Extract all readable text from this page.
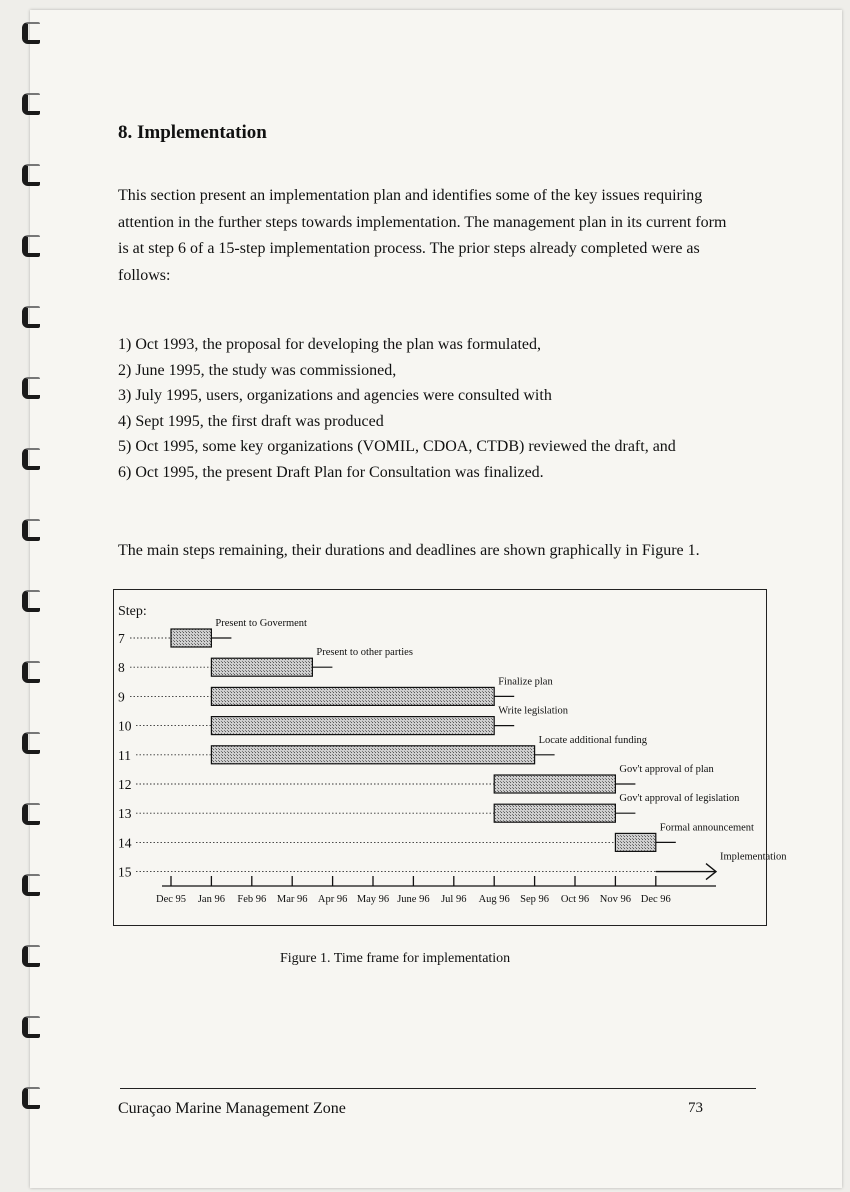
8. Implementation

This section present an implementation plan and identifies some of the key issues requiring attention in the further steps towards implementation. The management plan in its current form is at step 6 of a 15-step implementation process. The prior steps already completed were as follows:

1) Oct 1993, the proposal for developing the plan was formulated,
2) June 1995, the study was commissioned,
3) July 1995, users, organizations and agencies were consulted with
4) Sept 1995, the first draft was produced
5) Oct 1995, some key organizations (VOMIL, CDOA, CTDB) reviewed the draft, and
6) Oct 1995, the present Draft Plan for Consultation was finalized.

The main steps remaining, their durations and deadlines are shown graphically in Figure 1.

Step:
Dec 95 Jan 96 Feb 96 Mar 96 Apr 96 May 96 June 96 Jul 96 Aug 96 Sep 96 Oct 96 Nov 96 Dec 96
7
Present to Goverment
8
Present to other parties
9
Finalize plan
10
Write legislation
11
Locate additional funding
12
Gov't approval of plan
13
Gov't approval of legislation
14
Formal announcement
15
Implementation

Figure 1. Time frame for implementation

Curaçao Marine Management Zone	73
